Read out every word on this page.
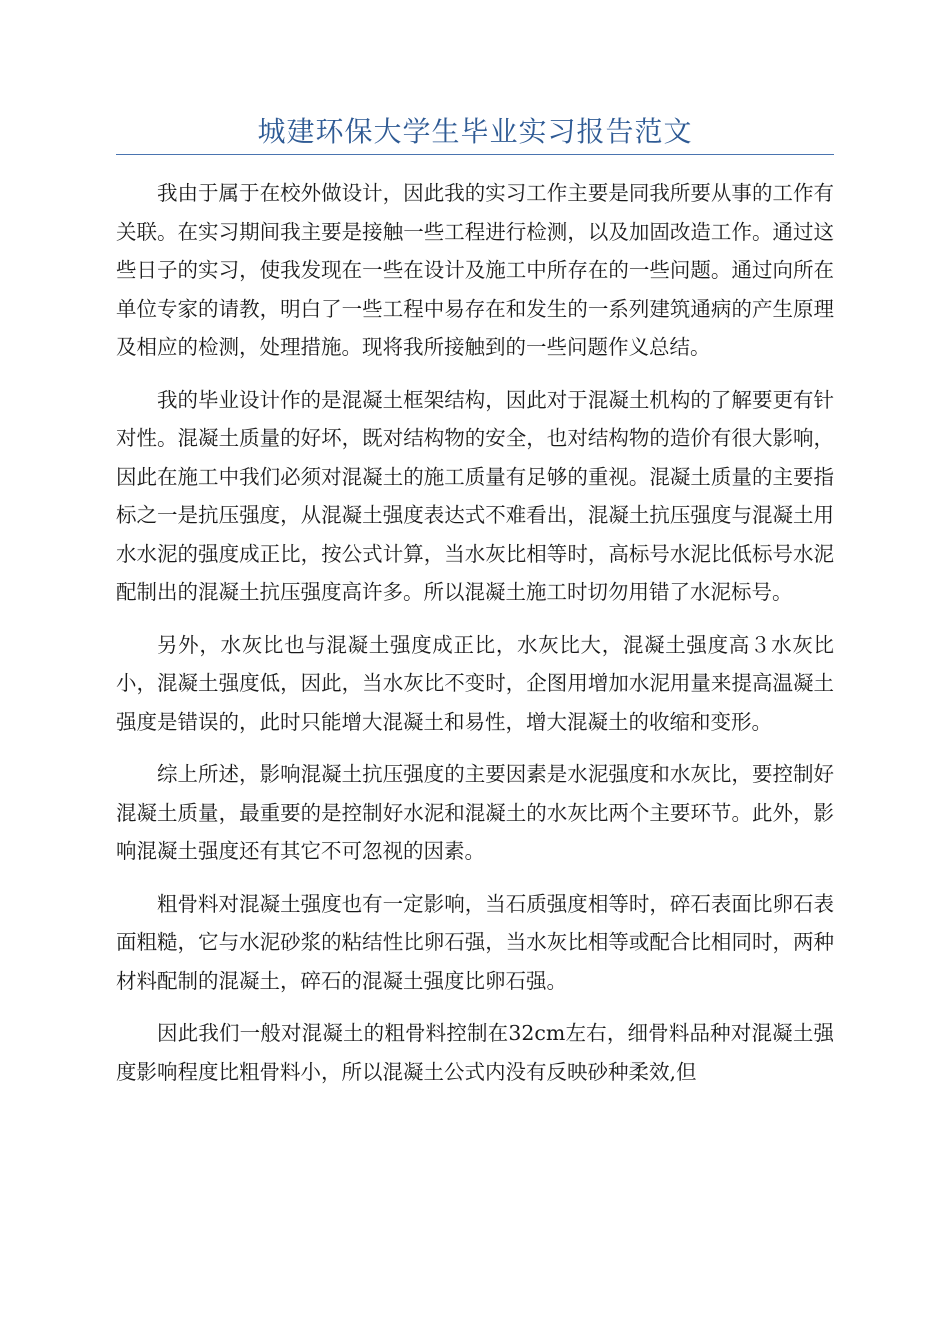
城建环保大学生毕业实习报告范文

我由于属于在校外做设计，因此我的实习工作主要是同我所要从事的工作有关联。在实习期间我主要是接触一些工程进行检测，以及加固改造工作。通过这些日子的实习，使我发现在一些在设计及施工中所存在的一些问题。通过向所在单位专家的请教，明白了一些工程中易存在和发生的一系列建筑通病的产生原理及相应的检测，处理措施。现将我所接触到的一些问题作义总结。

我的毕业设计作的是混凝土框架结构，因此对于混凝土机构的了解要更有针对性。混凝土质量的好坏，既对结构物的安全，也对结构物的造价有很大影响，因此在施工中我们必须对混凝土的施工质量有足够的重视。混凝土质量的主要指标之一是抗压强度，从混凝土强度表达式不难看出，混凝土抗压强度与混凝土用水水泥的强度成正比，按公式计算，当水灰比相等时，高标号水泥比低标号水泥配制出的混凝土抗压强度高许多。所以混凝土施工时切勿用错了水泥标号。

另外，水灰比也与混凝土强度成正比，水灰比大，混凝土强度高３水灰比小，混凝土强度低，因此，当水灰比不变时，企图用增加水泥用量来提高温凝土强度是错误的，此时只能增大混凝土和易性，增大混凝土的收缩和变形。

综上所述，影响混凝土抗压强度的主要因素是水泥强度和水灰比，要控制好混凝土质量，最重要的是控制好水泥和混凝土的水灰比两个主要环节。此外，影响混凝土强度还有其它不可忽视的因素。

粗骨料对混凝土强度也有一定影响，当石质强度相等时，碎石表面比卵石表面粗糙，它与水泥砂浆的粘结性比卵石强，当水灰比相等或配合比相同时，两种材料配制的混凝土，碎石的混凝土强度比卵石强。

因此我们一般对混凝土的粗骨料控制在32cm左右，细骨料品种对混凝土强度影响程度比粗骨料小，所以混凝土公式内没有反映砂种柔效,但
